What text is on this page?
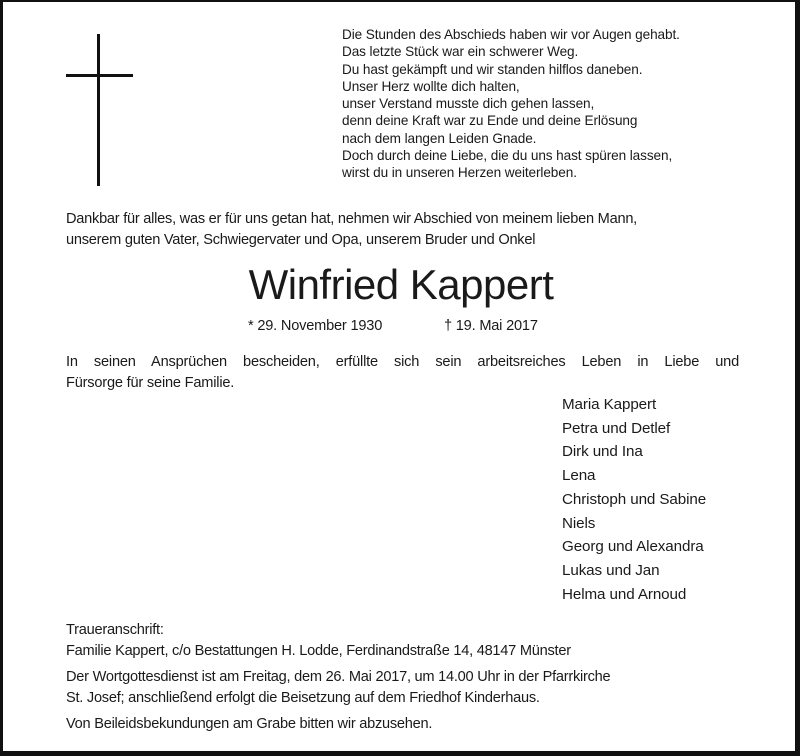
Die Stunden des Abschieds haben wir vor Augen gehabt.
Das letzte Stück war ein schwerer Weg.
Du hast gekämpft und wir standen hilflos daneben.
Unser Herz wollte dich halten,
unser Verstand musste dich gehen lassen,
denn deine Kraft war zu Ende und deine Erlösung
nach dem langen Leiden Gnade.
Doch durch deine Liebe, die du uns hast spüren lassen,
wirst du in unseren Herzen weiterleben.
Dankbar für alles, was er für uns getan hat, nehmen wir Abschied von meinem lieben Mann,
unserem guten Vater, Schwiegervater und Opa, unserem Bruder und Onkel
Winfried Kappert
* 29. November 1930	† 19. Mai 2017
In seinen Ansprüchen bescheiden, erfüllte sich sein arbeitsreiches Leben in Liebe und
Fürsorge für seine Familie.
Maria Kappert
Petra und Detlef
Dirk und Ina
Lena
Christoph und Sabine
Niels
Georg und Alexandra
Lukas und Jan
Helma und Arnoud
Traueranschrift:
Familie Kappert, c/o Bestattungen H. Lodde, Ferdinandstraße 14, 48147 Münster
Der Wortgottesdienst ist am Freitag, dem 26. Mai 2017, um 14.00 Uhr in der Pfarrkirche
St. Josef; anschließend erfolgt die Beisetzung auf dem Friedhof Kinderhaus.
Von Beileidsbekundungen am Grabe bitten wir abzusehen.
